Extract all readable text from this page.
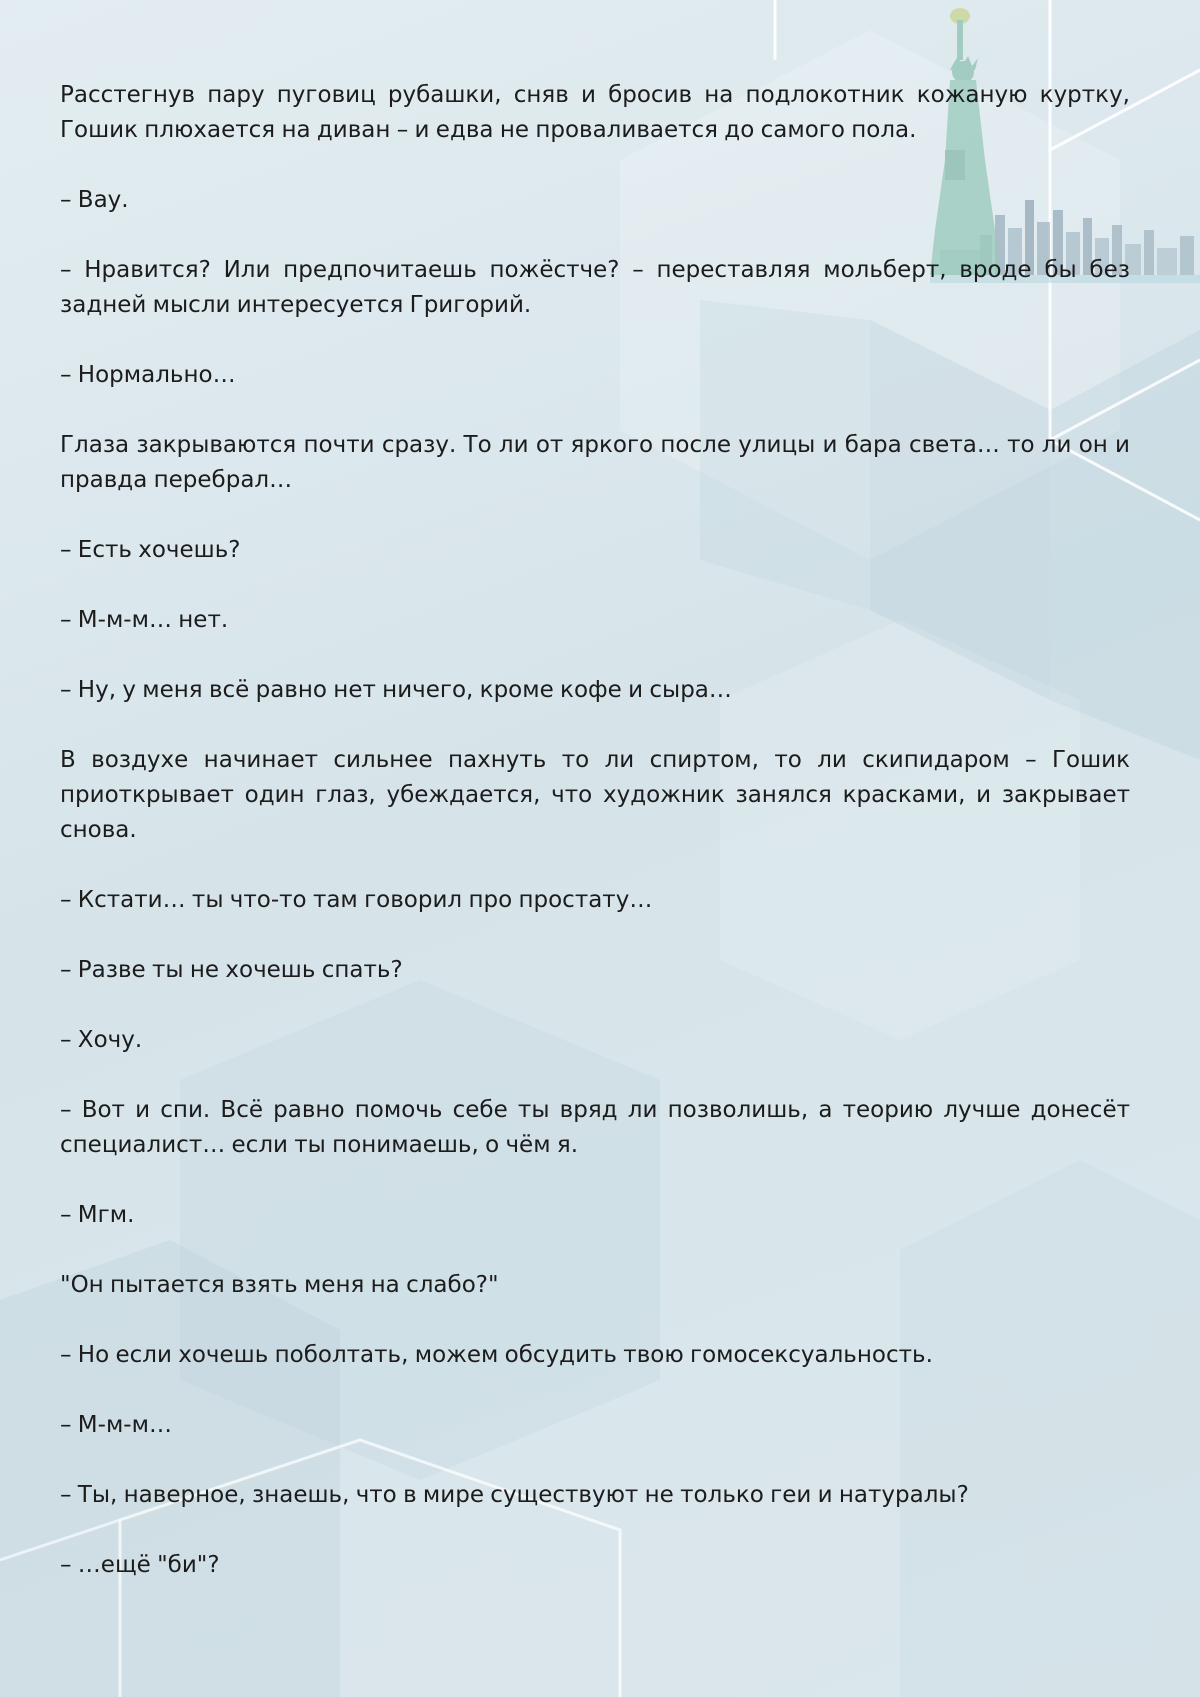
Расстегнув пару пуговиц рубашки, сняв и бросив на подлокотник кожаную куртку, Гошик плюхается на диван – и едва не проваливается до самого пола.

– Вау.

– Нравится? Или предпочитаешь пожёстче? – переставляя мольберт, вроде бы без задней мысли интересуется Григорий.

– Нормально…

Глаза закрываются почти сразу. То ли от яркого после улицы и бара света… то ли он и правда перебрал…

– Есть хочешь?

– М-м-м… нет.

– Ну, у меня всё равно нет ничего, кроме кофе и сыра…

В воздухе начинает сильнее пахнуть то ли спиртом, то ли скипидаром – Гошик приоткрывает один глаз, убеждается, что художник занялся красками, и закрывает снова.

– Кстати… ты что-то там говорил про простату…

– Разве ты не хочешь спать?

– Хочу.

– Вот и спи. Всё равно помочь себе ты вряд ли позволишь, а теорию лучше донесёт специалист… если ты понимаешь, о чём я.

– Мгм.

"Он пытается взять меня на слабо?"

– Но если хочешь поболтать, можем обсудить твою гомосексуальность.

– М-м-м…

– Ты, наверное, знаешь, что в мире существуют не только геи и натуралы?

– …ещё "би"?
